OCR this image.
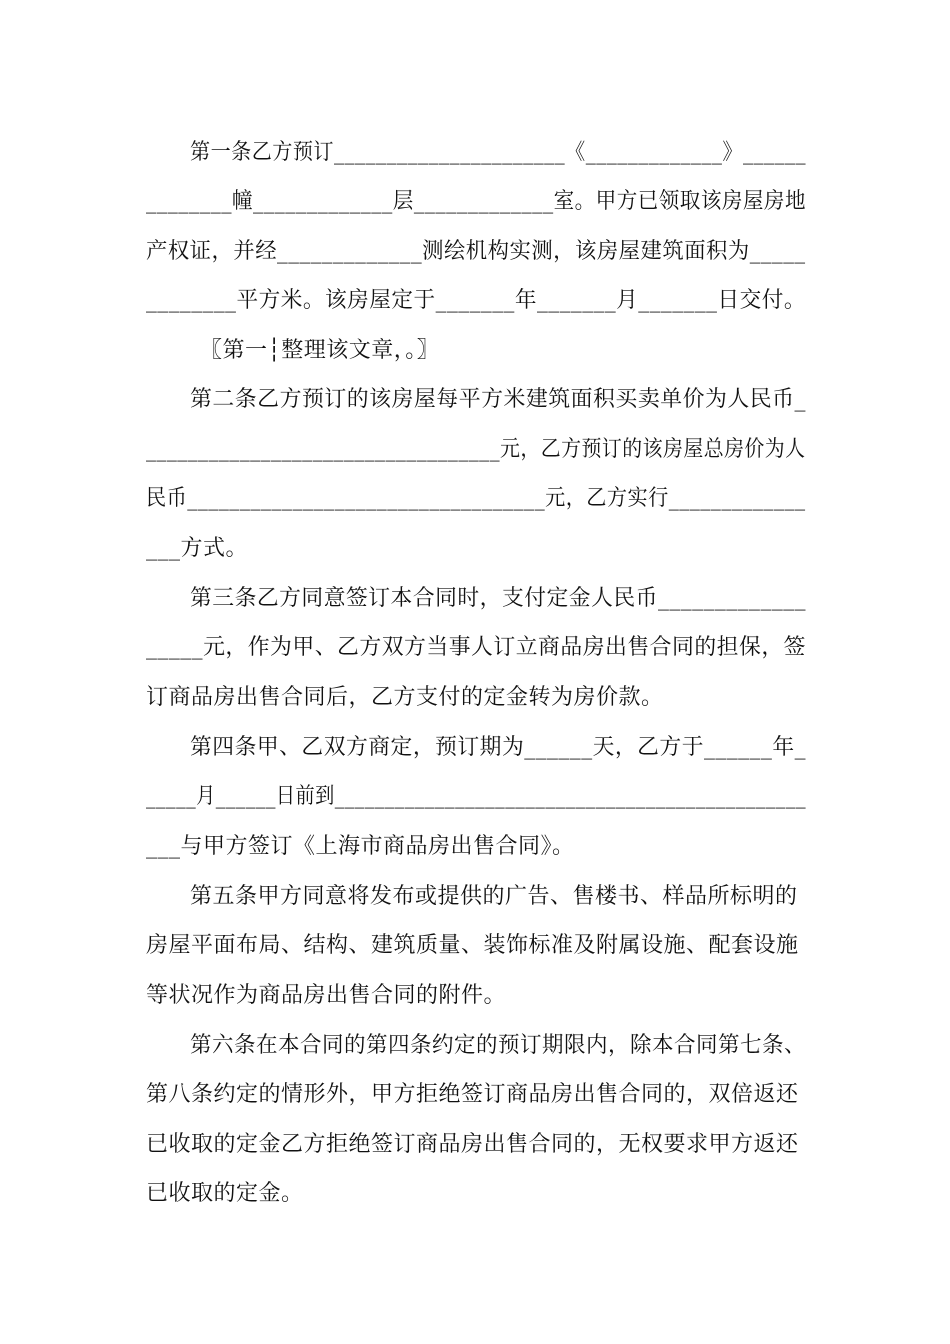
第一条乙方预订______________________《_____________》______
________幢_____________层_____________室。甲方已领取该房屋房地
产权证，并经_____________测绘机构实测，该房屋建筑面积为_____
________平方米。该房屋定于_______年_______月_______日交付。
〖第一┆整理该文章，。〗
第二条乙方预订的该房屋每平方米建筑面积买卖单价为人民币_
__________________________________元，乙方预订的该房屋总房价为人
民币__________________________________元，乙方实行_____________
___方式。
第三条乙方同意签订本合同时，支付定金人民币_____________
_____元，作为甲、乙方双方当事人订立商品房出售合同的担保，签
订商品房出售合同后，乙方支付的定金转为房价款。
第四条甲、乙双方商定，预订期为______天，乙方于______年_
_____月______日前到_______________________________________________
___与甲方签订《上海市商品房出售合同》。
第五条甲方同意将发布或提供的广告、售楼书、样品所标明的
房屋平面布局、结构、建筑质量、装饰标准及附属设施、配套设施
等状况作为商品房出售合同的附件。
第六条在本合同的第四条约定的预订期限内，除本合同第七条、
第八条约定的情形外，甲方拒绝签订商品房出售合同的，双倍返还
已收取的定金乙方拒绝签订商品房出售合同的，无权要求甲方返还
已收取的定金。
